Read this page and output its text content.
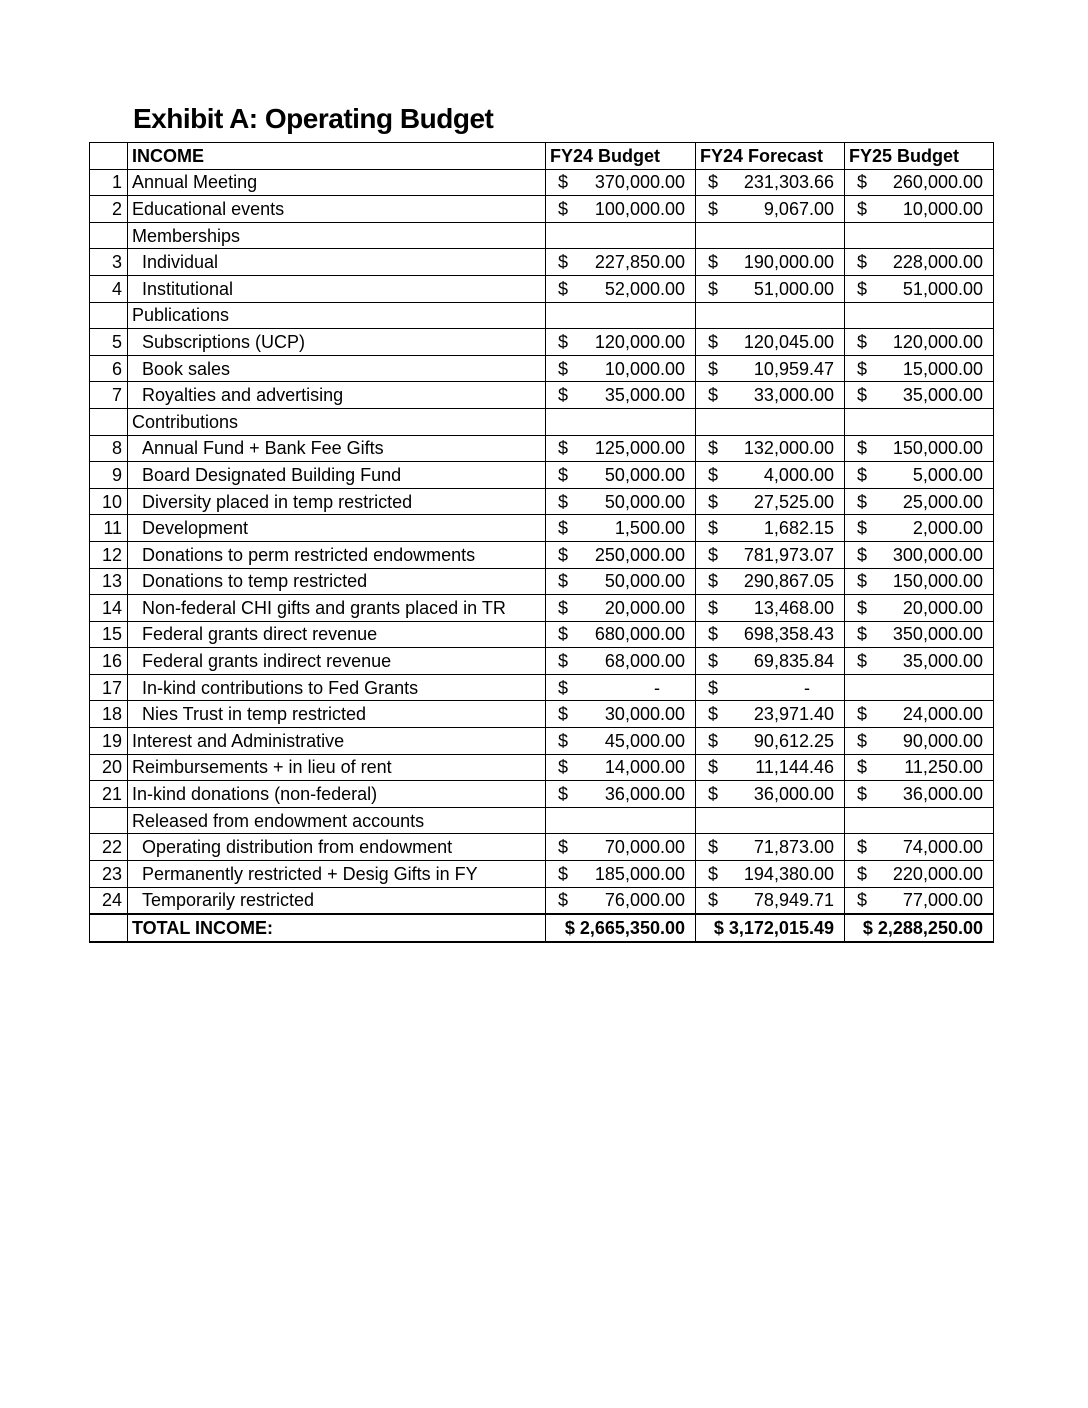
Exhibit A: Operating Budget
	INCOME	FY24 Budget	FY24 Forecast	FY25 Budget
1	Annual Meeting	$ 370,000.00	$ 231,303.66	$ 260,000.00

2	Educational events	$ 100,000.00	$ 9,067.00	$ 10,000.00

	Memberships			
3	Individual	$ 227,850.00	$ 190,000.00	$ 228,000.00

4	Institutional	$ 52,000.00	$ 51,000.00	$ 51,000.00

	Publications			
5	Subscriptions (UCP)	$ 120,000.00	$ 120,045.00	$ 120,000.00

6	Book sales	$ 10,000.00	$ 10,959.47	$ 15,000.00

7	Royalties and advertising	$ 35,000.00	$ 33,000.00	$ 35,000.00

	Contributions			
8	Annual Fund + Bank Fee Gifts	$ 125,000.00	$ 132,000.00	$ 150,000.00

9	Board Designated Building Fund	$ 50,000.00	$ 4,000.00	$ 5,000.00

10	Diversity placed in temp restricted	$ 50,000.00	$ 27,525.00	$ 25,000.00

11	Development	$ 1,500.00	$ 1,682.15	$ 2,000.00

12	Donations to perm restricted endowments	$ 250,000.00	$ 781,973.07	$ 300,000.00

13	Donations to temp restricted	$ 50,000.00	$ 290,867.05	$ 150,000.00

14	Non-federal CHI gifts and grants placed in TR	$ 20,000.00	$ 13,468.00	$ 20,000.00

15	Federal grants direct revenue	$ 680,000.00	$ 698,358.43	$ 350,000.00

16	Federal grants indirect revenue	$ 68,000.00	$ 69,835.84	$ 35,000.00

17	In-kind contributions to Fed Grants	$ -	$ -	

18	Nies Trust in temp restricted	$ 30,000.00	$ 23,971.40	$ 24,000.00

19	Interest and Administrative	$ 45,000.00	$ 90,612.25	$ 90,000.00

20	Reimbursements + in lieu of rent	$ 14,000.00	$ 11,144.46	$ 11,250.00

21	In-kind donations (non-federal)	$ 36,000.00	$ 36,000.00	$ 36,000.00

	Released from endowment accounts			
22	Operating distribution from endowment	$ 70,000.00	$ 71,873.00	$ 74,000.00

23	Permanently restricted + Desig Gifts in FY	$ 185,000.00	$ 194,380.00	$ 220,000.00

24	Temporarily restricted	$ 76,000.00	$ 78,949.71	$ 77,000.00

	TOTAL INCOME:	$ 2,665,350.00	$ 3,172,015.49	$ 2,288,250.00
